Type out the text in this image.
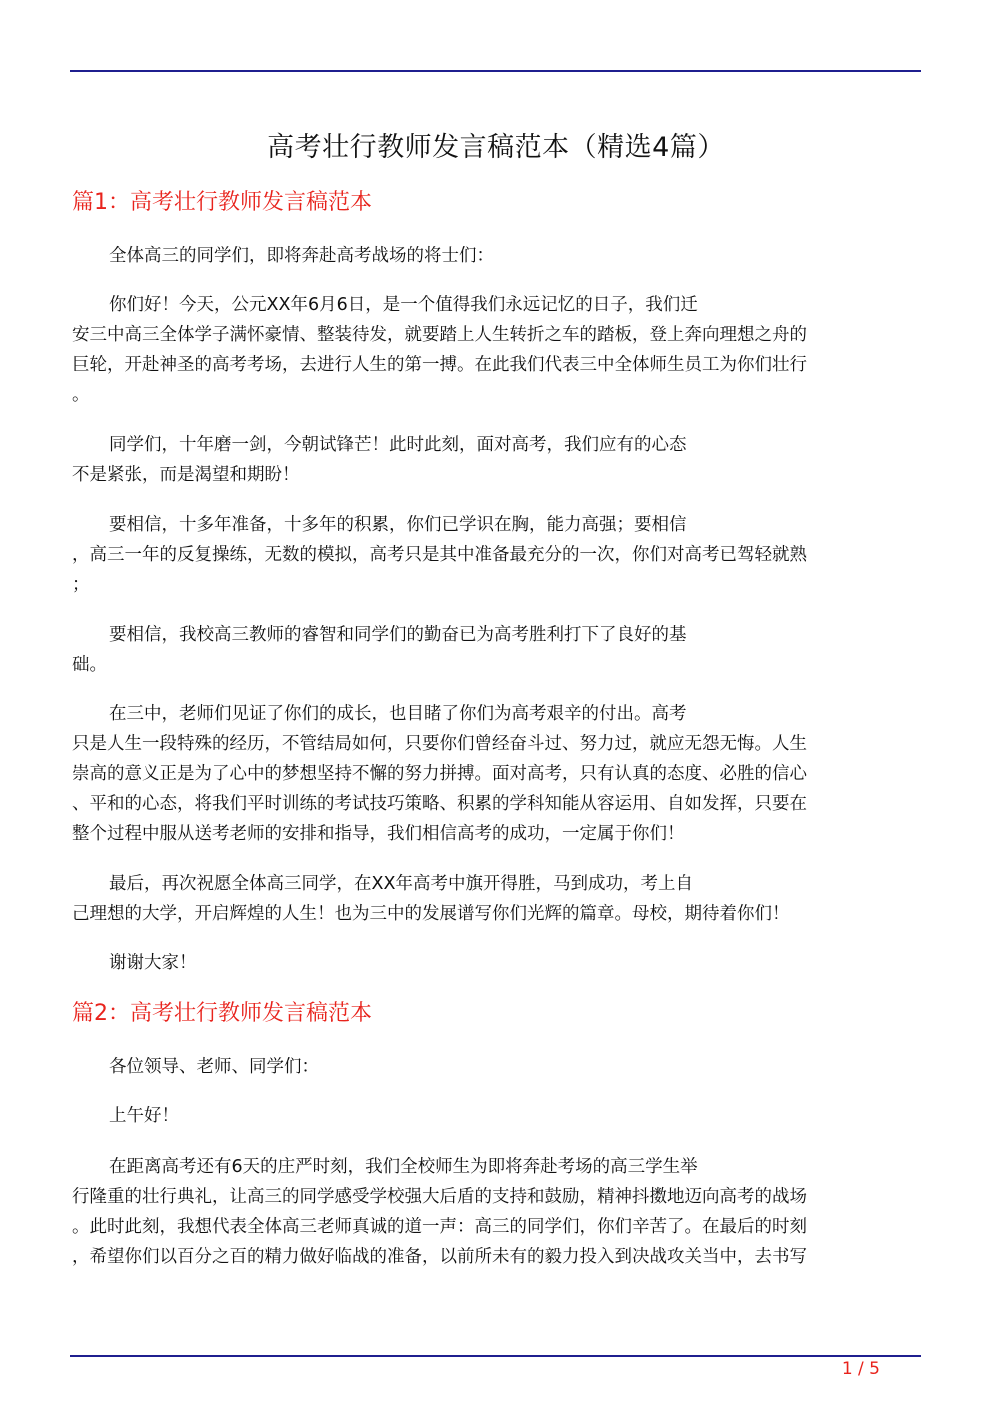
高考壮行教师发言稿范本（精选4篇）
篇1：高考壮行教师发言稿范本
全体高三的同学们，即将奔赴高考战场的将士们：
你们好！今天，公元XX年6月6日，是一个值得我们永远记忆的日子，我们迁
安三中高三全体学子满怀豪情、整装待发，就要踏上人生转折之车的踏板，登上奔向理想之舟的
巨轮，开赴神圣的高考考场，去进行人生的第一搏。在此我们代表三中全体师生员工为你们壮行
。
同学们，十年磨一剑，今朝试锋芒！此时此刻，面对高考，我们应有的心态
不是紧张，而是渴望和期盼！
要相信，十多年准备，十多年的积累，你们已学识在胸，能力高强；要相信
，高三一年的反复操练，无数的模拟，高考只是其中准备最充分的一次，你们对高考已驾轻就熟
；
要相信，我校高三教师的睿智和同学们的勤奋已为高考胜利打下了良好的基
础。
在三中，老师们见证了你们的成长，也目睹了你们为高考艰辛的付出。高考
只是人生一段特殊的经历，不管结局如何，只要你们曾经奋斗过、努力过，就应无怨无悔。人生
崇高的意义正是为了心中的梦想坚持不懈的努力拼搏。面对高考，只有认真的态度、必胜的信心
、平和的心态，将我们平时训练的考试技巧策略、积累的学科知能从容运用、自如发挥，只要在
整个过程中服从送考老师的安排和指导，我们相信高考的成功，一定属于你们！
最后，再次祝愿全体高三同学，在XX年高考中旗开得胜，马到成功，考上自
己理想的大学，开启辉煌的人生！也为三中的发展谱写你们光辉的篇章。母校，期待着你们！
谢谢大家！
篇2：高考壮行教师发言稿范本
各位领导、老师、同学们：
上午好！
在距离高考还有6天的庄严时刻，我们全校师生为即将奔赴考场的高三学生举
行隆重的壮行典礼，让高三的同学感受学校强大后盾的支持和鼓励，精神抖擞地迈向高考的战场
。此时此刻，我想代表全体高三老师真诚的道一声：高三的同学们，你们辛苦了。在最后的时刻
，希望你们以百分之百的精力做好临战的准备，以前所未有的毅力投入到决战攻关当中，去书写
1 / 5
